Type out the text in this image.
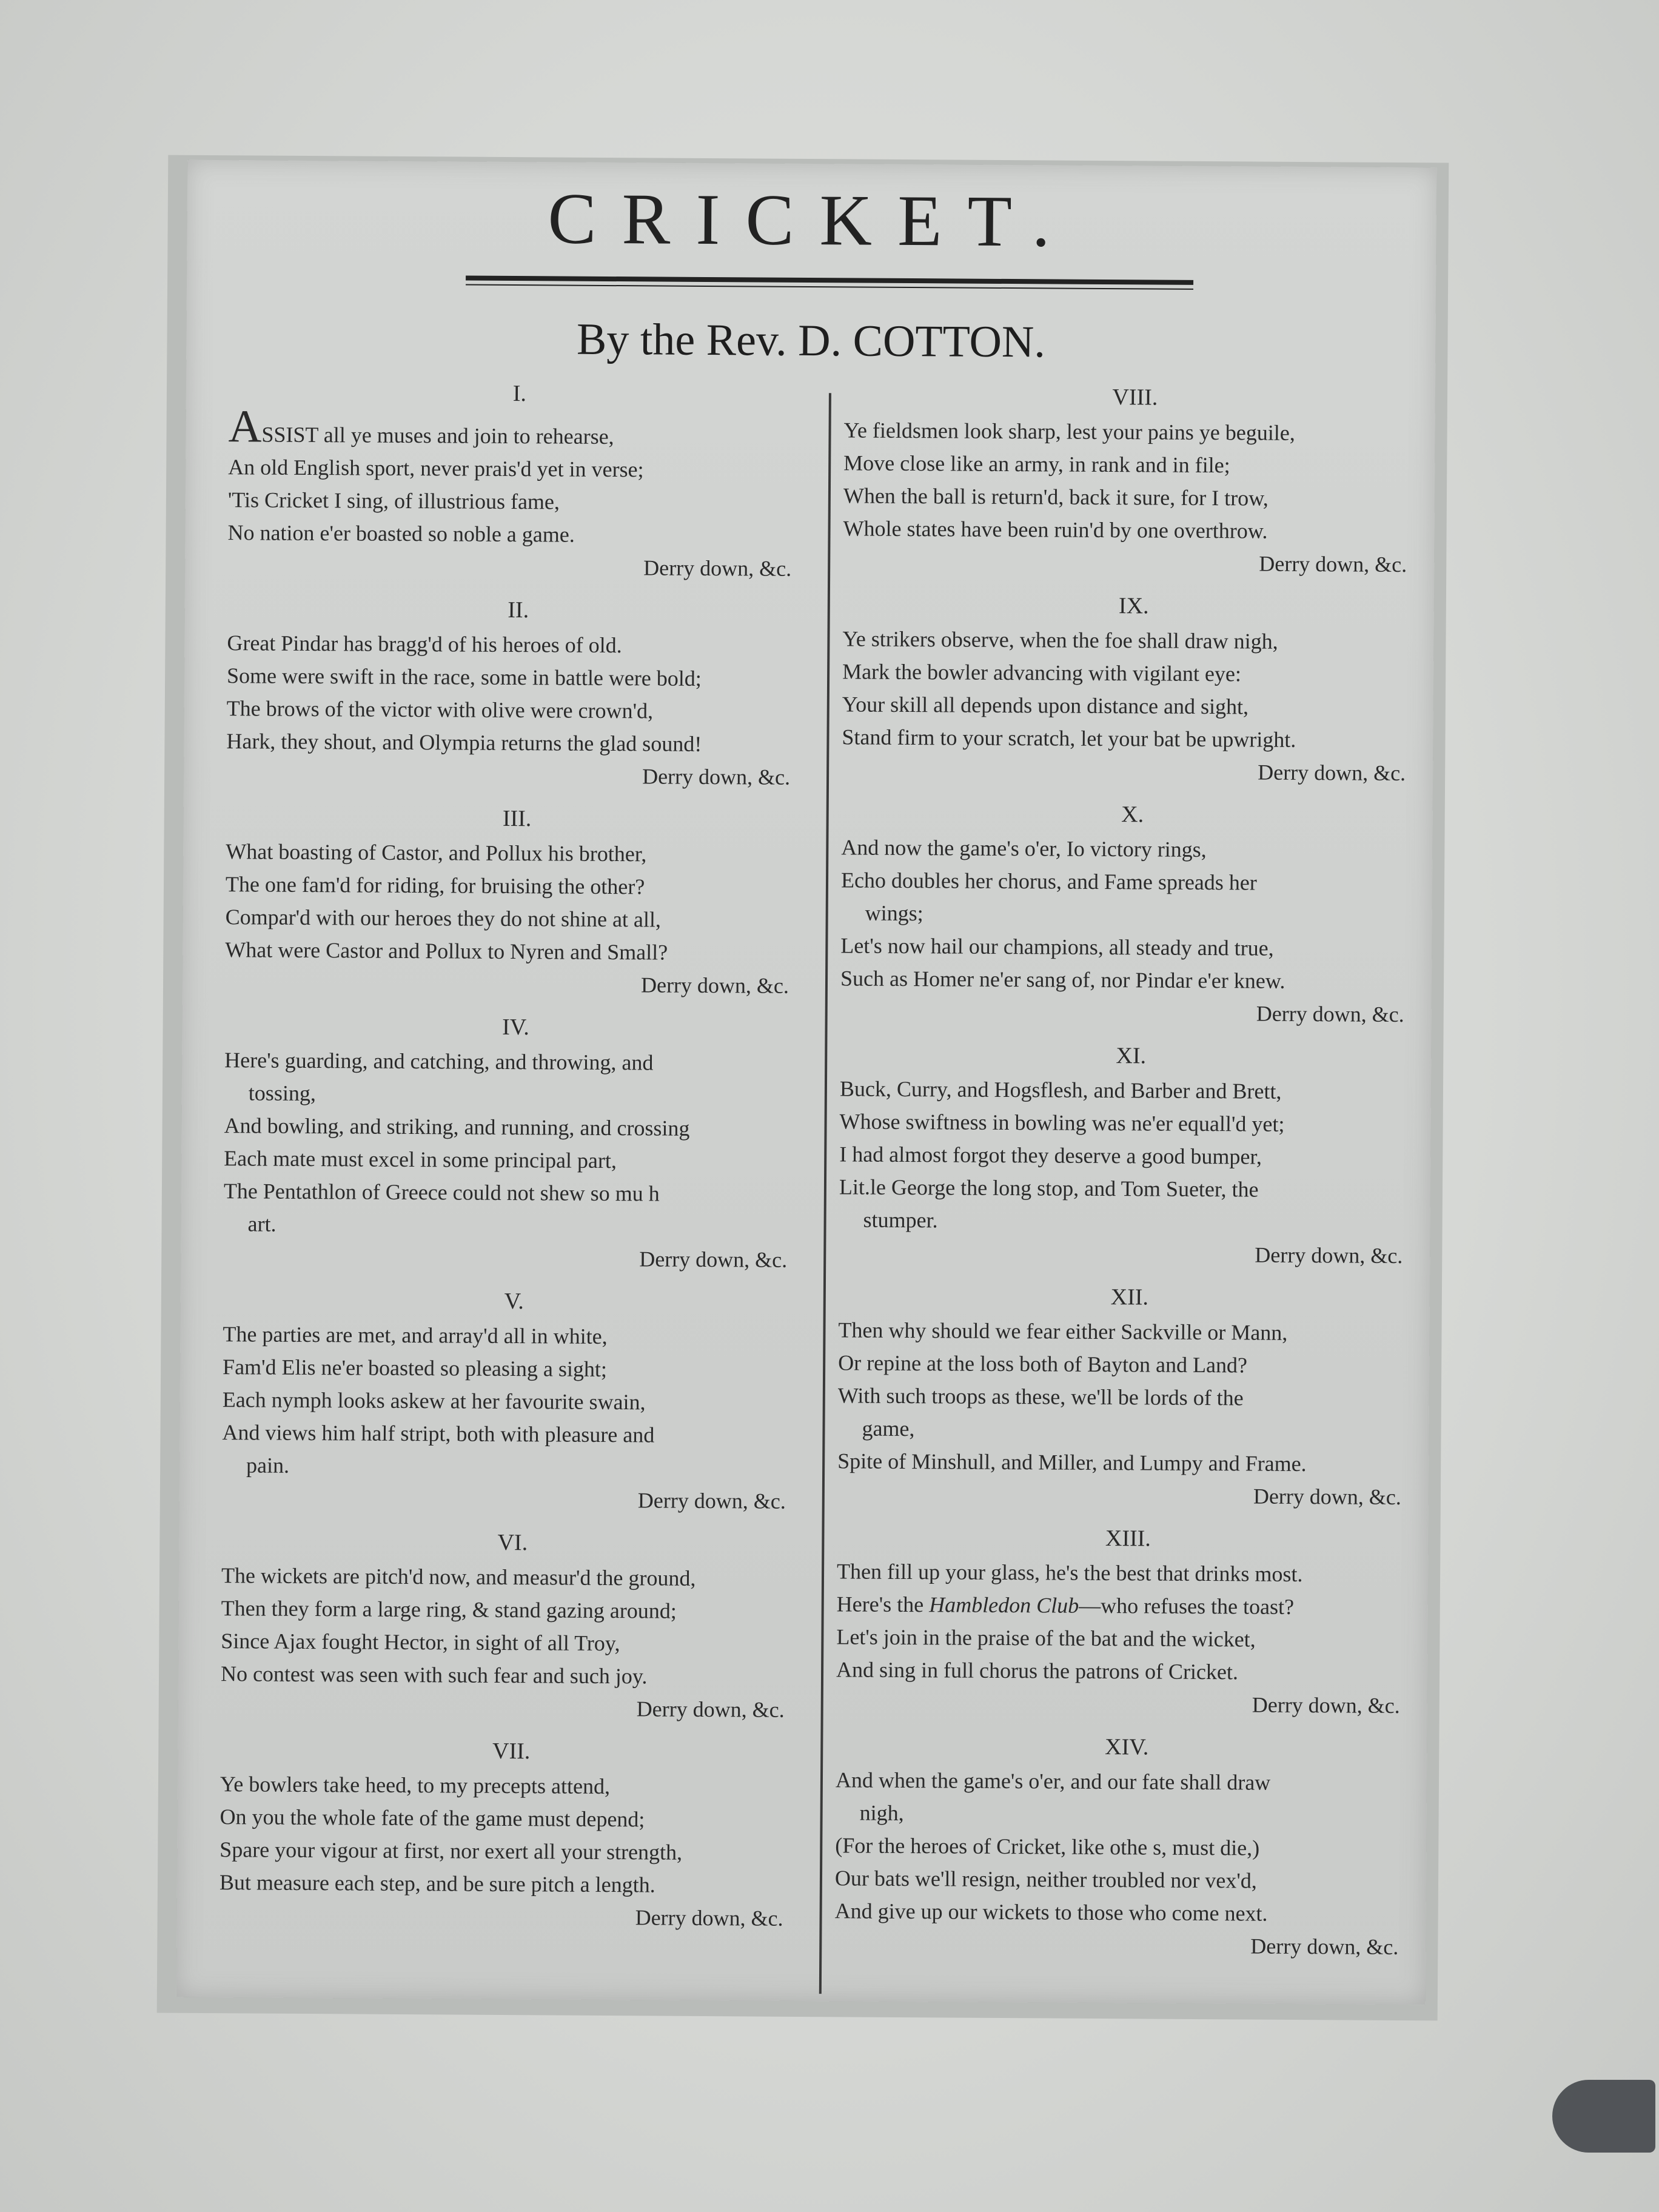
CRICKET.
By the Rev. D. COTTON.
I.
ASSIST all ye muses and join to rehearse,
An old English sport, never prais'd yet in verse;
'Tis Cricket I sing, of illustrious fame,
No nation e'er boasted so noble a game.
Derry down, &c.
II.
Great Pindar has bragg'd of his heroes of old.
Some were swift in the race, some in battle were bold;
The brows of the victor with olive were crown'd,
Hark, they shout, and Olympia returns the glad sound!
Derry down, &c.
III.
What boasting of Castor, and Pollux his brother,
The one fam'd for riding, for bruising the other?
Compar'd with our heroes they do not shine at all,
What were Castor and Pollux to Nyren and Small?
Derry down, &c.
IV.
Here's guarding, and catching, and throwing, and
tossing,
And bowling, and striking, and running, and crossing
Each mate must excel in some principal part,
The Pentathlon of Greece could not shew so mu h
art.
Derry down, &c.
V.
The parties are met, and array'd all in white,
Fam'd Elis ne'er boasted so pleasing a sight;
Each nymph looks askew at her favourite swain,
And views him half stript, both with pleasure and
pain.
Derry down, &c.
VI.
The wickets are pitch'd now, and measur'd the ground,
Then they form a large ring, & stand gazing around;
Since Ajax fought Hector, in sight of all Troy,
No contest was seen with such fear and such joy.
Derry down, &c.
VII.
Ye bowlers take heed, to my precepts attend,
On you the whole fate of the game must depend;
Spare your vigour at first, nor exert all your strength,
But measure each step, and be sure pitch a length.
Derry down, &c.
VIII.
Ye fieldsmen look sharp, lest your pains ye beguile,
Move close like an army, in rank and in file;
When the ball is return'd, back it sure, for I trow,
Whole states have been ruin'd by one overthrow.
Derry down, &c.
IX.
Ye strikers observe, when the foe shall draw nigh,
Mark the bowler advancing with vigilant eye:
Your skill all depends upon distance and sight,
Stand firm to your scratch, let your bat be upwright.
Derry down, &c.
X.
And now the game's o'er, Io victory rings,
Echo doubles her chorus, and Fame spreads her
wings;
Let's now hail our champions, all steady and true,
Such as Homer ne'er sang of, nor Pindar e'er knew.
Derry down, &c.
XI.
Buck, Curry, and Hogsflesh, and Barber and Brett,
Whose swiftness in bowling was ne'er equall'd yet;
I had almost forgot they deserve a good bumper,
Lit.le George the long stop, and Tom Sueter, the
stumper.
Derry down, &c.
XII.
Then why should we fear either Sackville or Mann,
Or repine at the loss both of Bayton and Land?
With such troops as these, we'll be lords of the
game,
Spite of Minshull, and Miller, and Lumpy and Frame.
Derry down, &c.
XIII.
Then fill up your glass, he's the best that drinks most.
Here's the Hambledon Club—who refuses the toast?
Let's join in the praise of the bat and the wicket,
And sing in full chorus the patrons of Cricket.
Derry down, &c.
XIV.
And when the game's o'er, and our fate shall draw
nigh,
(For the heroes of Cricket, like othe s, must die,)
Our bats we'll resign, neither troubled nor vex'd,
And give up our wickets to those who come next.
Derry down, &c.
